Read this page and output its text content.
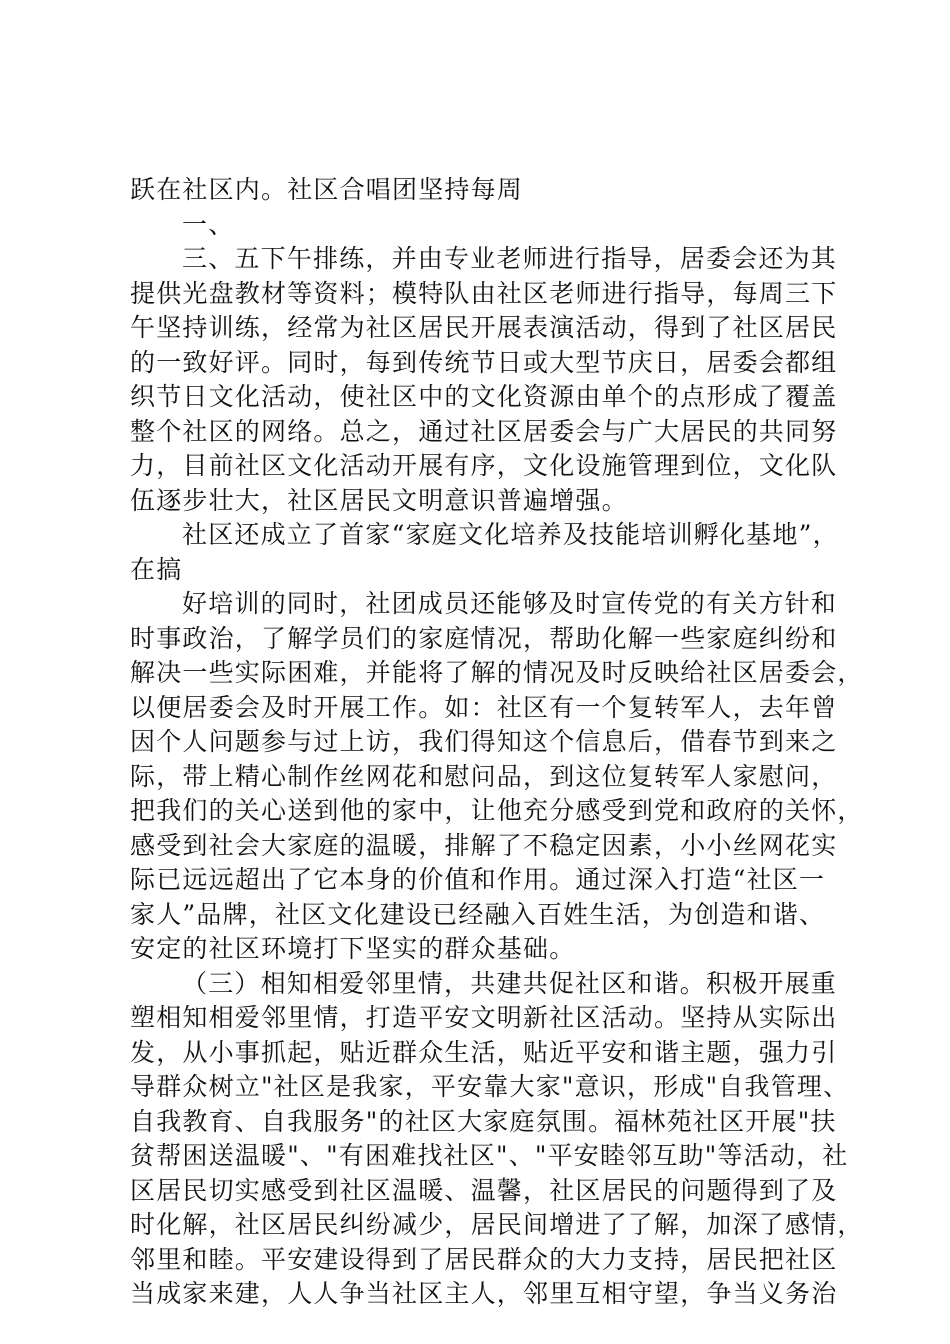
跃在社区内。社区合唱团坚持每周
一、
三、五下午排练，并由专业老师进行指导，居委会还为其
提供光盘教材等资料；模特队由社区老师进行指导，每周三下
午坚持训练，经常为社区居民开展表演活动，得到了社区居民
的一致好评。同时，每到传统节日或大型节庆日，居委会都组
织节日文化活动，使社区中的文化资源由单个的点形成了覆盖
整个社区的网络。总之，通过社区居委会与广大居民的共同努
力，目前社区文化活动开展有序，文化设施管理到位，文化队
伍逐步壮大，社区居民文明意识普遍增强。
社区还成立了首家“家庭文化培养及技能培训孵化基地”，
在搞
好培训的同时，社团成员还能够及时宣传党的有关方针和
时事政治，了解学员们的家庭情况，帮助化解一些家庭纠纷和
解决一些实际困难，并能将了解的情况及时反映给社区居委会，
以便居委会及时开展工作。如：社区有一个复转军人，去年曾
因个人问题参与过上访，我们得知这个信息后，借春节到来之
际，带上精心制作丝网花和慰问品，到这位复转军人家慰问，
把我们的关心送到他的家中，让他充分感受到党和政府的关怀，
感受到社会大家庭的温暖，排解了不稳定因素，小小丝网花实
际已远远超出了它本身的价值和作用。通过深入打造“社区一
家人”品牌，社区文化建设已经融入百姓生活，为创造和谐、
安定的社区环境打下坚实的群众基础。
（三）相知相爱邻里情，共建共促社区和谐。积极开展重
塑相知相爱邻里情，打造平安文明新社区活动。坚持从实际出
发，从小事抓起，贴近群众生活，贴近平安和谐主题，强力引
导群众树立"社区是我家，平安靠大家"意识，形成"自我管理、
自我教育、自我服务"的社区大家庭氛围。福林苑社区开展"扶
贫帮困送温暖"、"有困难找社区"、"平安睦邻互助"等活动，社
区居民切实感受到社区温暖、温馨，社区居民的问题得到了及
时化解，社区居民纠纷减少，居民间增进了了解，加深了感情，
邻里和睦。平安建设得到了居民群众的大力支持，居民把社区
当成家来建，人人争当社区主人，邻里互相守望，争当义务治
